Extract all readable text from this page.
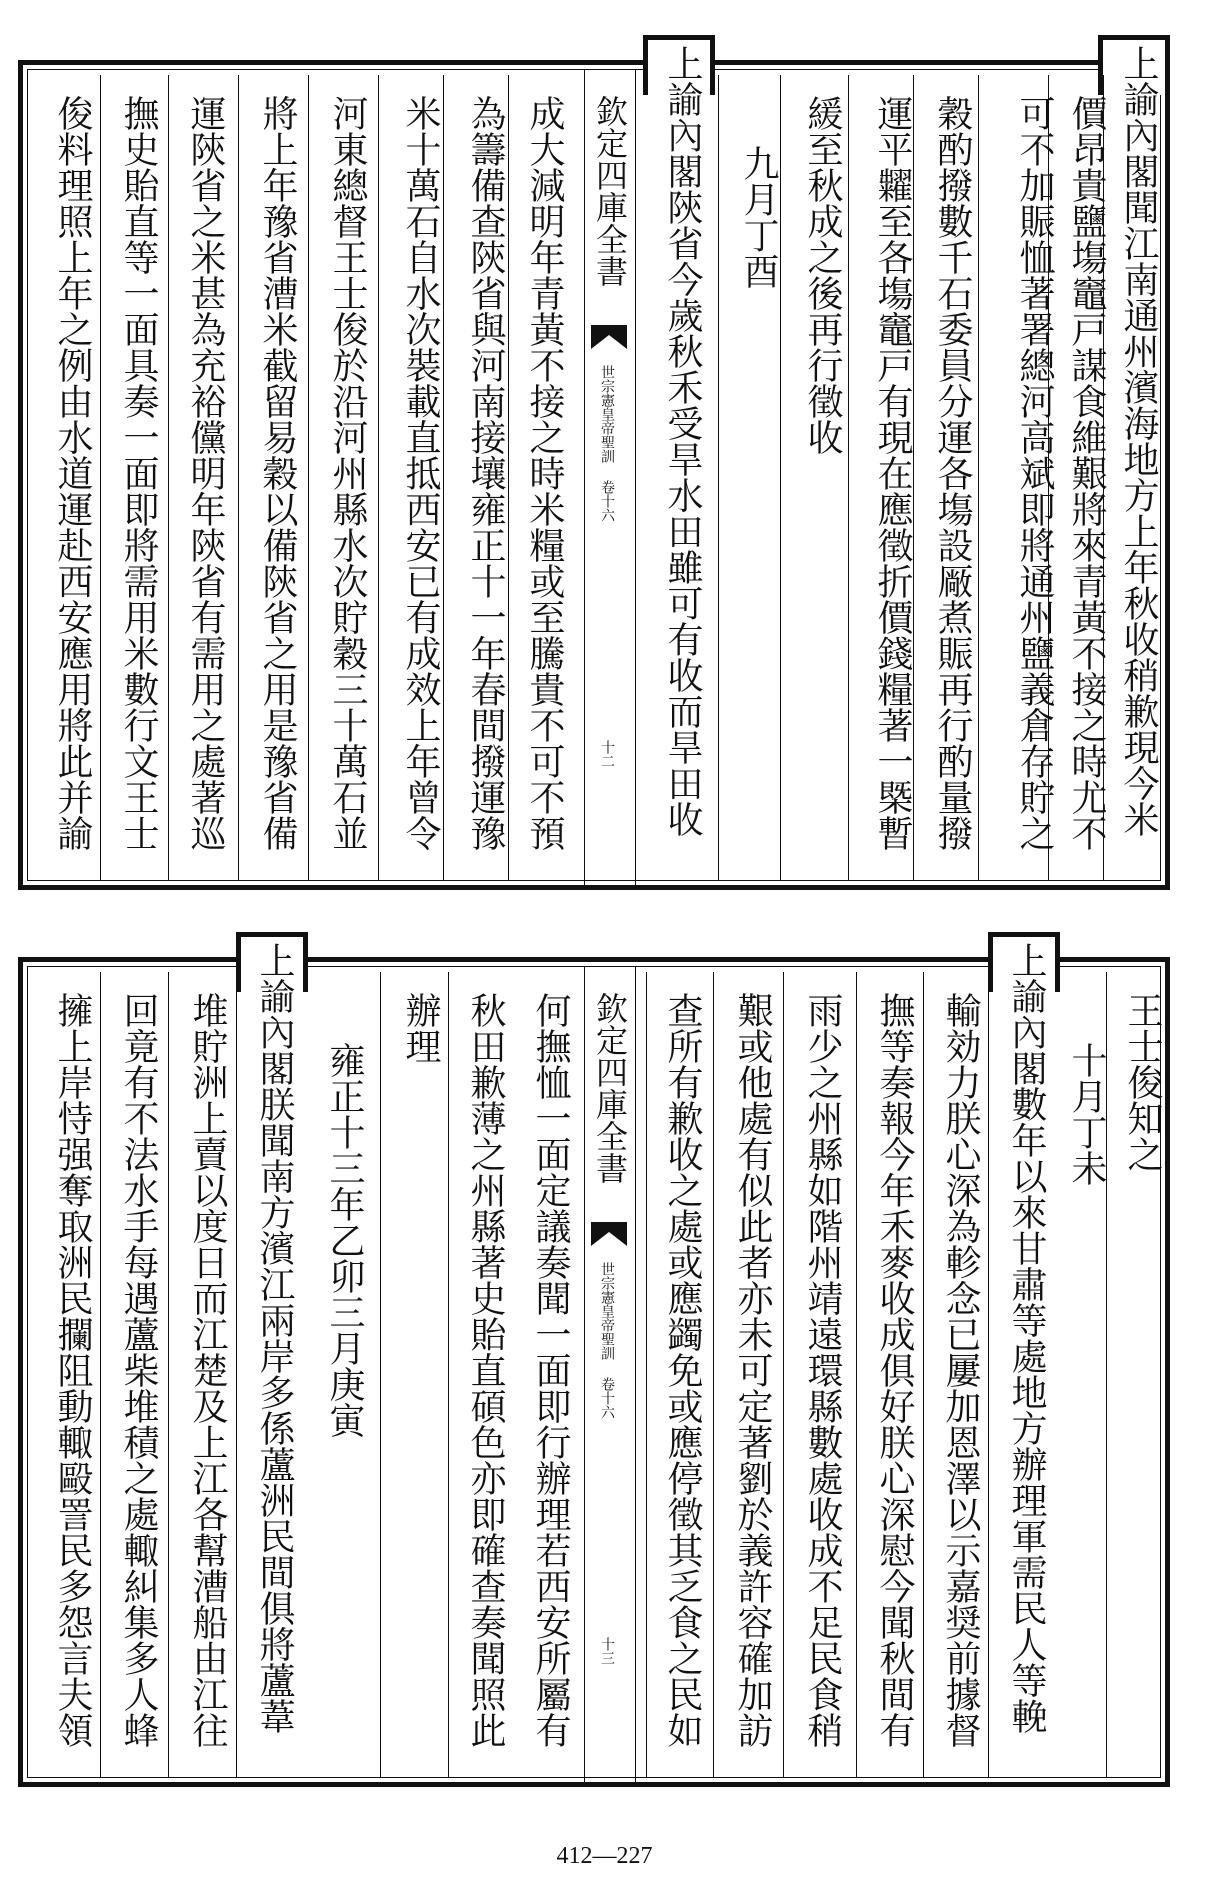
上諭內閣聞江南通州濱海地方上年秋收稍歉現今米
價昂貴鹽塲竈戸謀食維艱將來青黃不接之時尤不
可不加賑恤著署總河高斌即將通州鹽義倉存貯之
穀酌撥數千石委員分運各塲設厰煮賑再行酌量撥
運平糶至各塲竈戸有現在應徵折價錢糧著一槩暫
緩至秋成之後再行徵收
九月丁酉
上諭內閣陝省今歲秋禾受旱水田雖可有收而旱田收
欽定四庫全書
世宗憲皇帝聖訓
卷十六
十二
成大減明年青黃不接之時米糧或至騰貴不可不預
為籌備查陝省與河南接壤雍正十一年春間撥運豫
米十萬石自水次裝載直抵西安已有成效上年曾令
河東總督王士俊於沿河州縣水次貯穀三十萬石並
將上年豫省漕米截留易穀以備陝省之用是豫省備
運陝省之米甚為充裕儻明年陝省有需用之處著巡
撫史貽直等一面具奏一面即將需用米數行文王士
俊料理照上年之例由水道運赴西安應用將此并諭
王士俊知之
十月丁未
上諭內閣數年以來甘肅等處地方辦理軍需民人等輓
輸効力朕心深為軫念已屢加恩澤以示嘉奨前據督
撫等奏報今年禾麥收成俱好朕心深慰今聞秋間有
雨少之州縣如階州靖遠環縣數處收成不足民食稍
艱或他處有似此者亦未可定著劉於義許容確加訪
查所有歉收之處或應蠲免或應停徵其乏食之民如
欽定四庫全書
世宗憲皇帝聖訓
卷十六
十三
何撫恤一面定議奏聞一面即行辦理若西安所屬有
秋田歉薄之州縣著史貽直碩色亦即確查奏聞照此
辦理
雍正十三年乙卯三月庚寅
上諭內閣朕聞南方濱江兩岸多係蘆洲民間俱將蘆葦
堆貯洲上賣以度日而江楚及上江各幫漕船由江往
回竟有不法水手每遇蘆柴堆積之處輙糾集多人蜂
擁上岸恃强奪取洲民攔阻動輙毆詈民多怨言夫領
412—227
